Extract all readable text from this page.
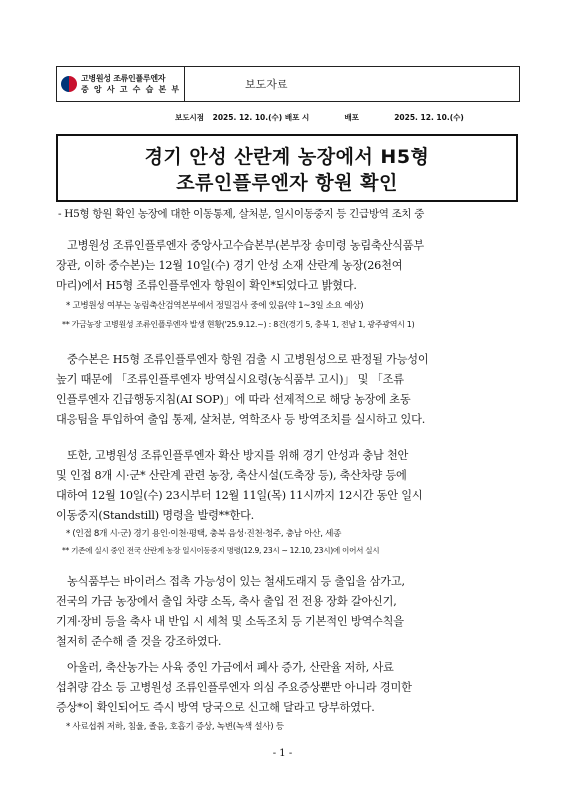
고병원성 조류인플루엔자
중 앙 사 고 수 습 본 부	보도자료
보도시점 2025. 12. 10.(수) 배포 시	배포	2025. 12. 10.(수)
경기 안성 산란계 농장에서 H5형
조류인플루엔자 항원 확인
- H5형 항원 확인 농장에 대한 이동통제, 살처분, 일시이동중지 등 긴급방역 조치 중
　고병원성 조류인플루엔자 중앙사고수습본부(본부장 송미령 농림축산식품부
장관, 이하 중수본)는 12월 10일(수) 경기 안성 소재 산란계 농장(26천여
마리)에서 H5형 조류인플루엔자 항원이 확인*되었다고 밝혔다.
* 고병원성 여부는 농림축산검역본부에서 정밀검사 중에 있음(약 1~3일 소요 예상)
** 가금농장 고병원성 조류인플루엔자 발생 현황('25.9.12.~) : 8건(경기 5, 충북 1, 전남 1, 광주광역시 1)
　중수본은 H5형 조류인플루엔자 항원 검출 시 고병원성으로 판정될 가능성이
높기 때문에 「조류인플루엔자 방역실시요령(농식품부 고시)」 및 「조류
인플루엔자 긴급행동지침(AI SOP)」에 따라 선제적으로 해당 농장에 초동
대응팀을 투입하여 출입 통제, 살처분, 역학조사 등 방역조치를 실시하고 있다.
　또한, 고병원성 조류인플루엔자 확산 방지를 위해 경기 안성과 충남 천안
및 인접 8개 시·군* 산란계 관련 농장, 축산시설(도축장 등), 축산차량 등에
대하여 12월 10일(수) 23시부터 12월 11일(목) 11시까지 12시간 동안 일시
이동중지(Standstill) 명령을 발령**한다.
* (인접 8개 시·군) 경기 용인·이천·평택, 충북 음성·진천·청주, 충남 아산, 세종
** 기존에 실시 중인 전국 산란계 농장 일시이동중지 명령(12.9, 23시 ~ 12.10, 23시)에 이어서 실시
　농식품부는 바이러스 접촉 가능성이 있는 철새도래지 등 출입을 삼가고,
전국의 가금 농장에서 출입 차량 소독, 축사 출입 전 전용 장화 갈아신기,
기계·장비 등을 축사 내 반입 시 세척 및 소독조치 등 기본적인 방역수칙을
철저히 준수해 줄 것을 강조하였다.
　아울러, 축산농가는 사육 중인 가금에서 폐사 증가, 산란율 저하, 사료
섭취량 감소 등 고병원성 조류인플루엔자 의심 주요증상뿐만 아니라 경미한
증상*이 확인되어도 즉시 방역 당국으로 신고해 달라고 당부하였다.
* 사료섭취 저하, 침울, 졸음, 호흡기 증상, 녹변(녹색 설사) 등
- 1 -
